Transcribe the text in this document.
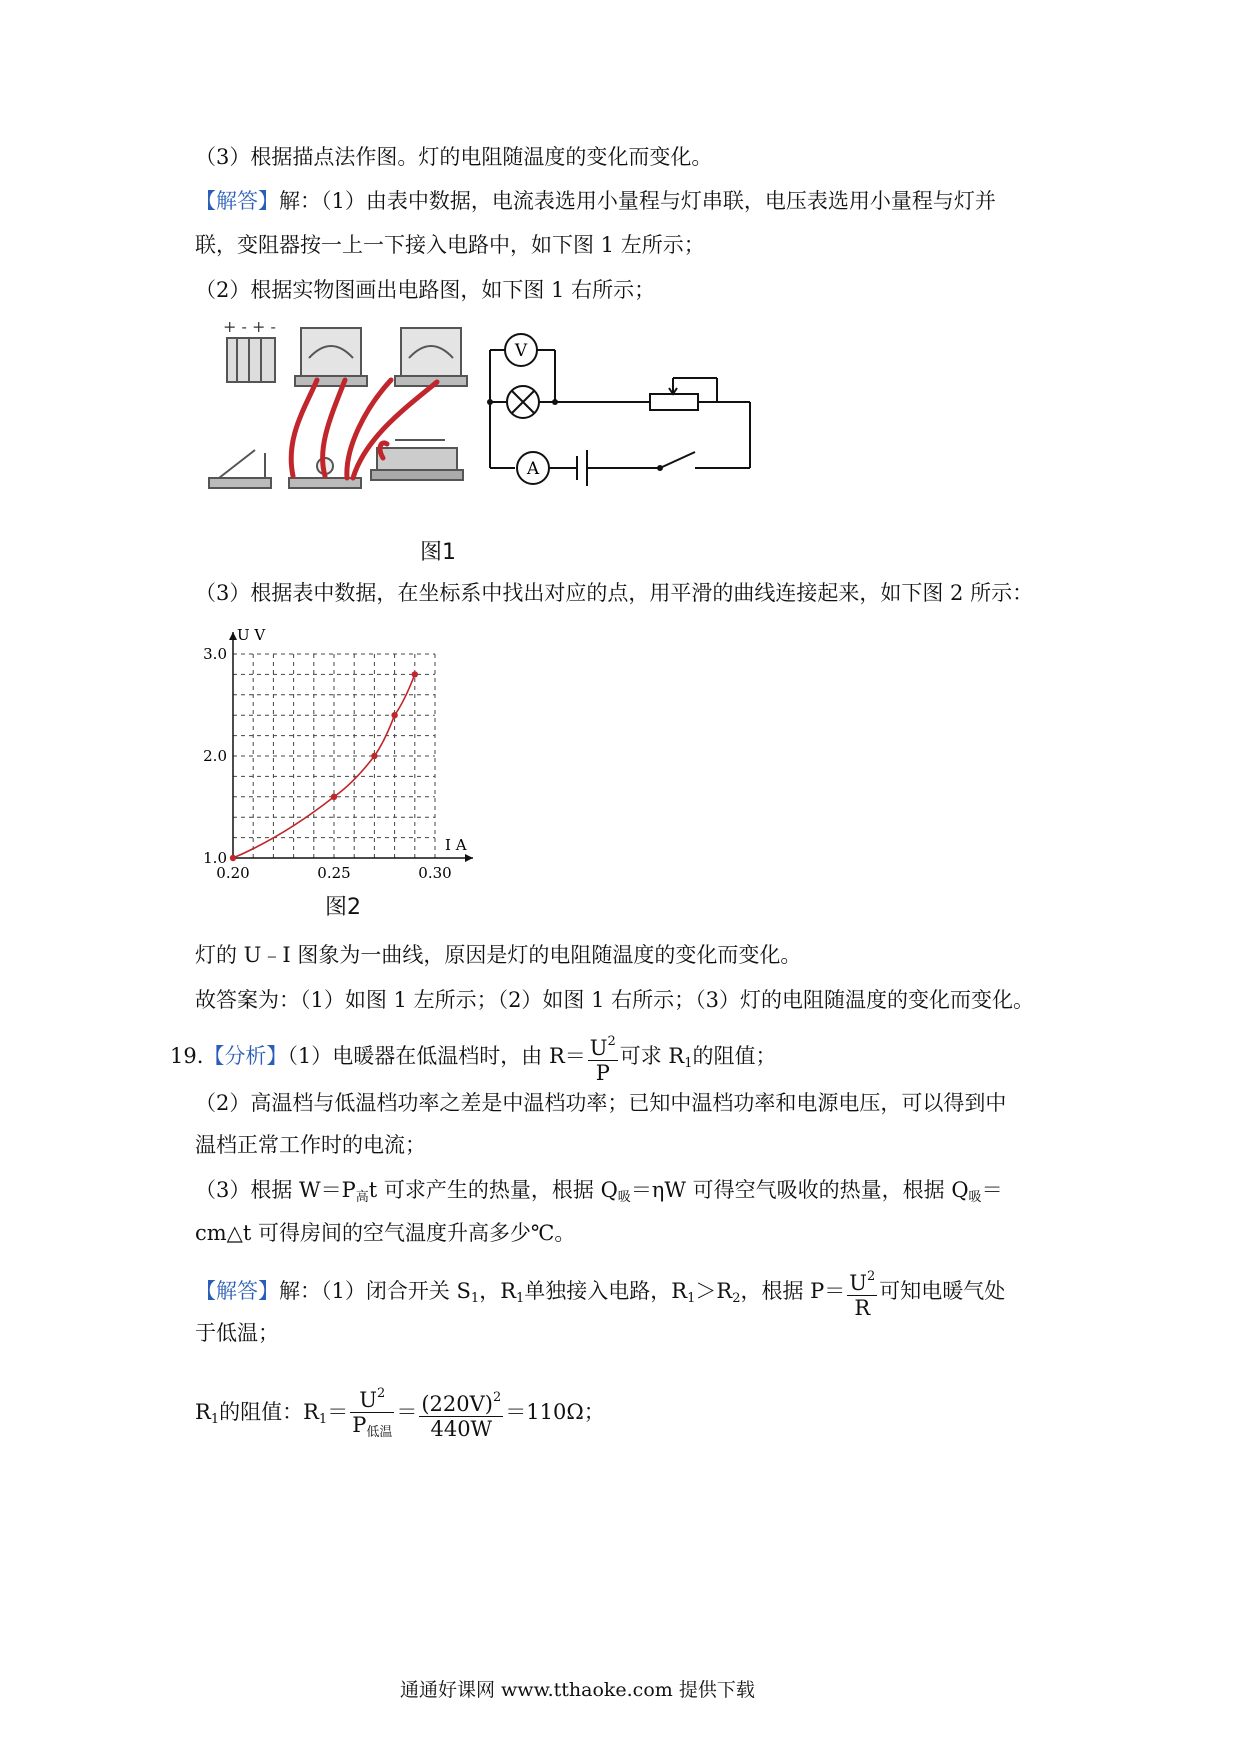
（3）根据描点法作图。灯的电阻随温度的变化而变化。
【解答】解：（1）由表中数据，电流表选用小量程与灯串联，电压表选用小量程与灯并
联，变阻器按一上一下接入电路中，如下图 1 左所示；
（2）根据实物图画出电路图，如下图 1 右所示；
+ - + -
V
A
图1
（3）根据表中数据，在坐标系中找出对应的点，用平滑的曲线连接起来，如下图 2 所示：
U V
I A
0.20	0.25	0.30
1.0
2.0
3.0
图2
灯的 U﹣I 图象为一曲线，原因是灯的电阻随温度的变化而变化。
故答案为：（1）如图 1 左所示；（2）如图 1 右所示；（3）灯的电阻随温度的变化而变化。
19.【分析】（1）电暖器在低温档时，由 $R= \frac{U^2}{P}$ 可求 $R_1$的阻值；
（2）高温档与低温档功率之差是中温档功率；已知中温档功率和电源电压，可以得到中
温档正常工作时的电流；
（3）根据 $W=P_高t$ 可求产生的热量，根据 $Q_吸=\eta W$ 可得空气吸收的热量，根据 $Q_吸=$
cm△t 可得房间的空气温度升高多少℃。
【解答】解：（1）闭合开关 $S_1$，$R_1$单独接入电路，$R_1>R_2$，根据 $P= \frac{U^2}{R}$ 可知电暖气处
于低温；
$R_1$的阻值：$R_1= \frac{U^2}{P_{低温}} = \frac{(220V)^2}{440W} =110\Omega$；
通通好课网 www.tthaoke.com 提供下载
